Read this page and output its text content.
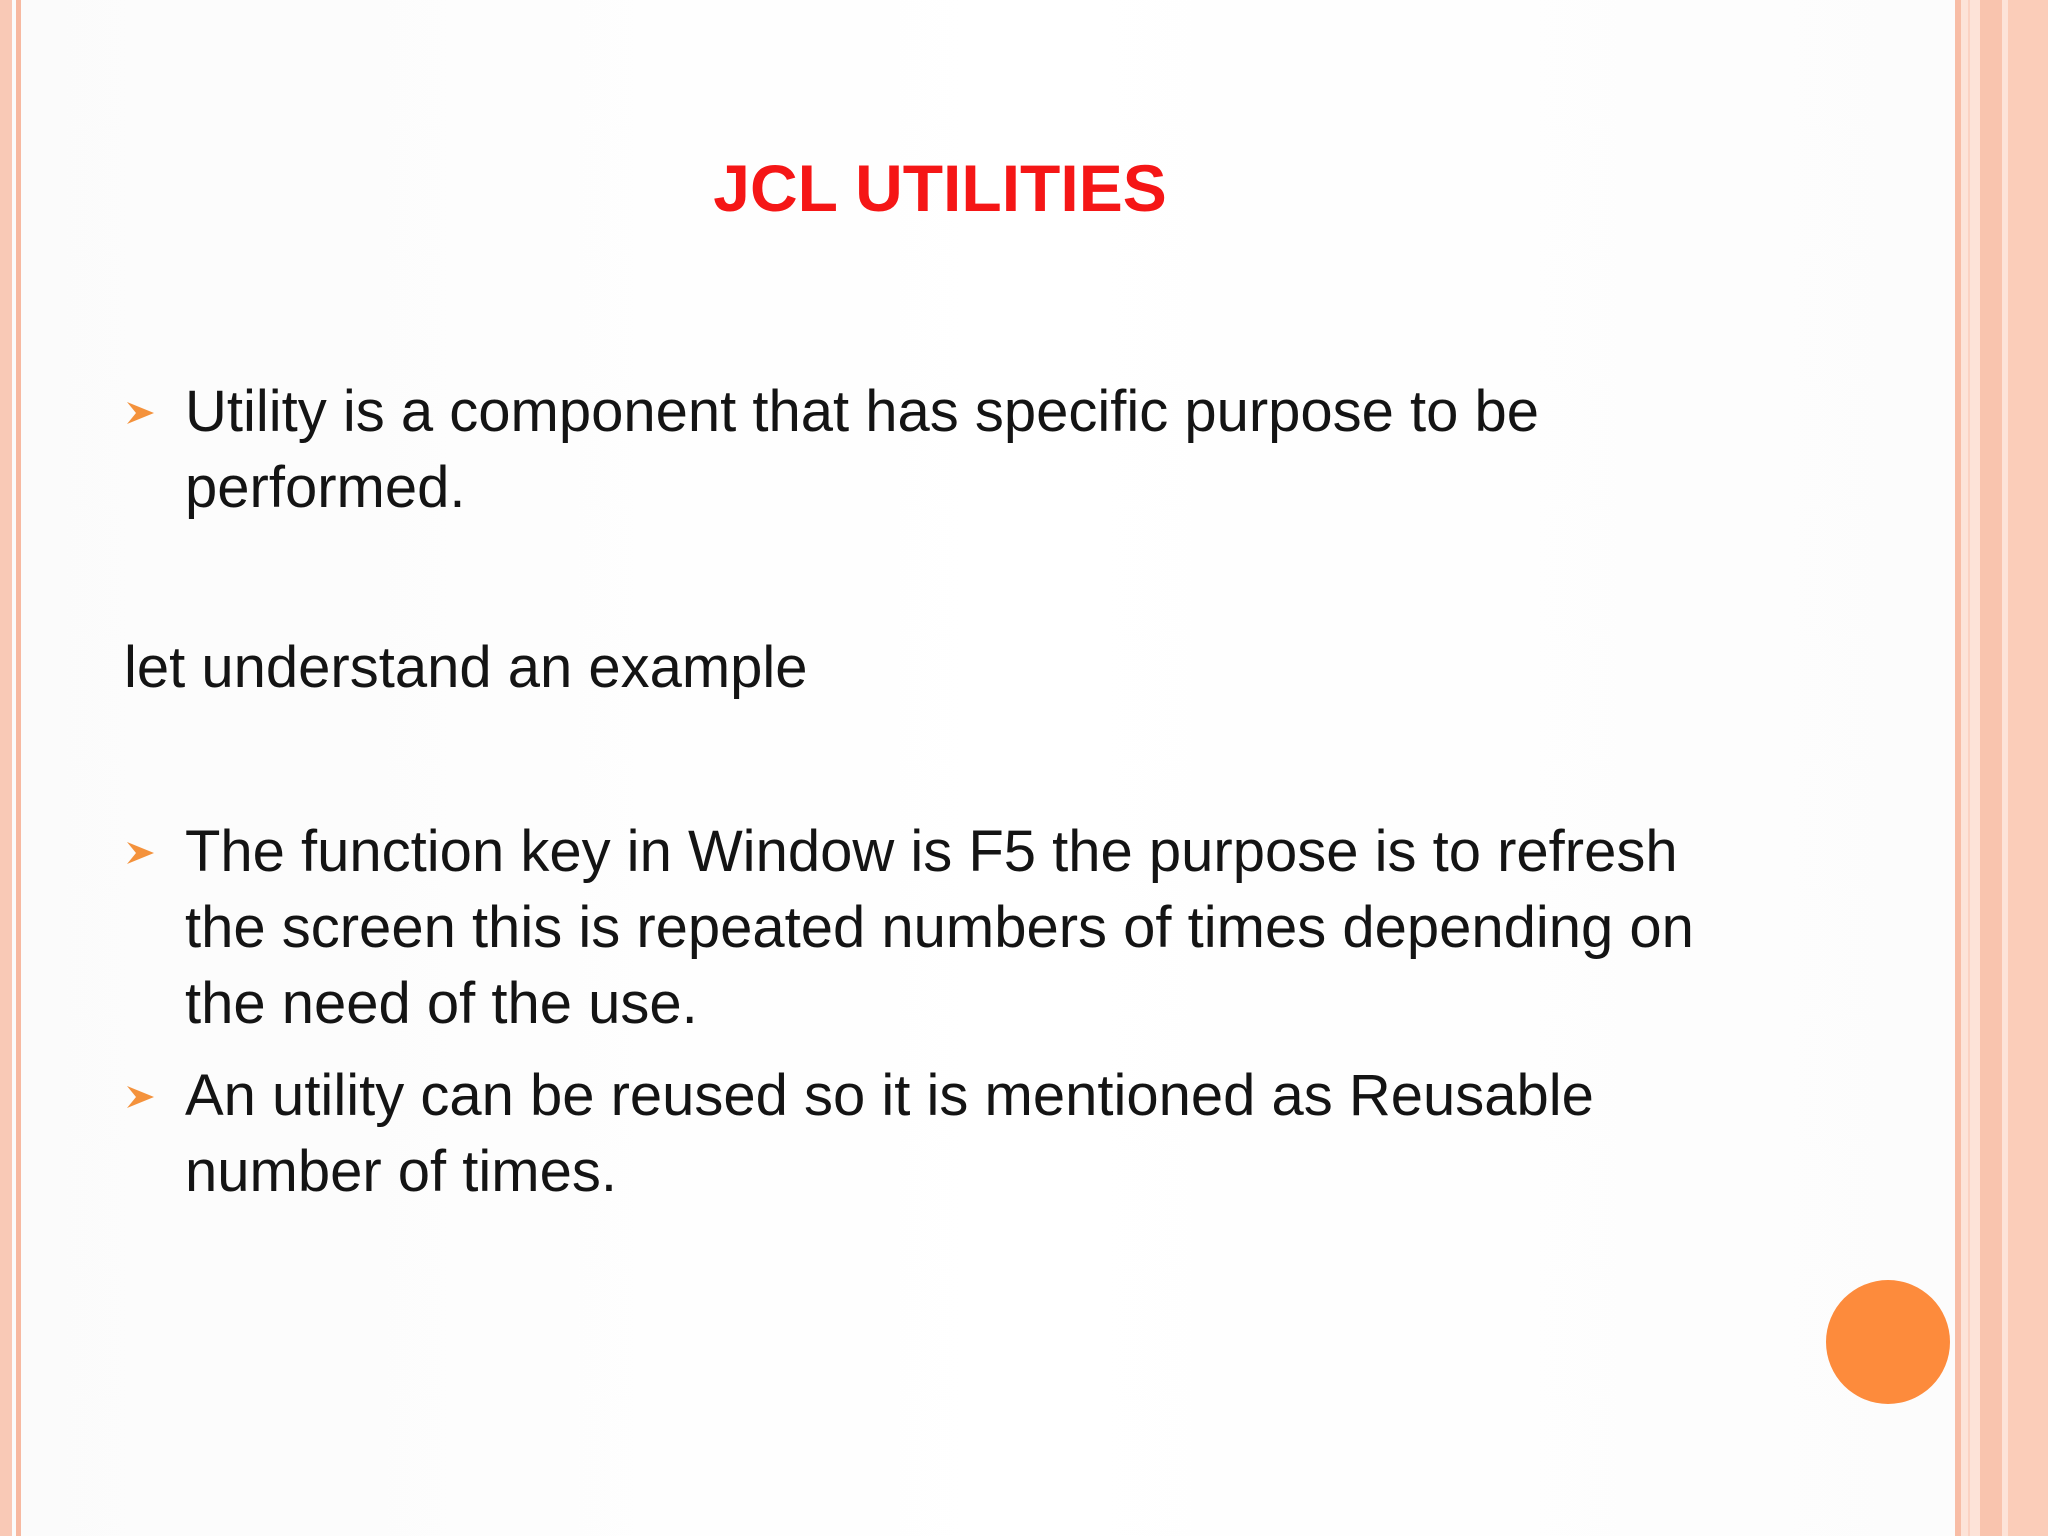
JCL UTILITIES
Utility is a component that has specific purpose to be performed.
let understand an example
The function key in Window is F5 the purpose is to refresh the screen this is repeated numbers of times depending on the need of the use.
An utility can be reused so it is mentioned as Reusable number of times.
